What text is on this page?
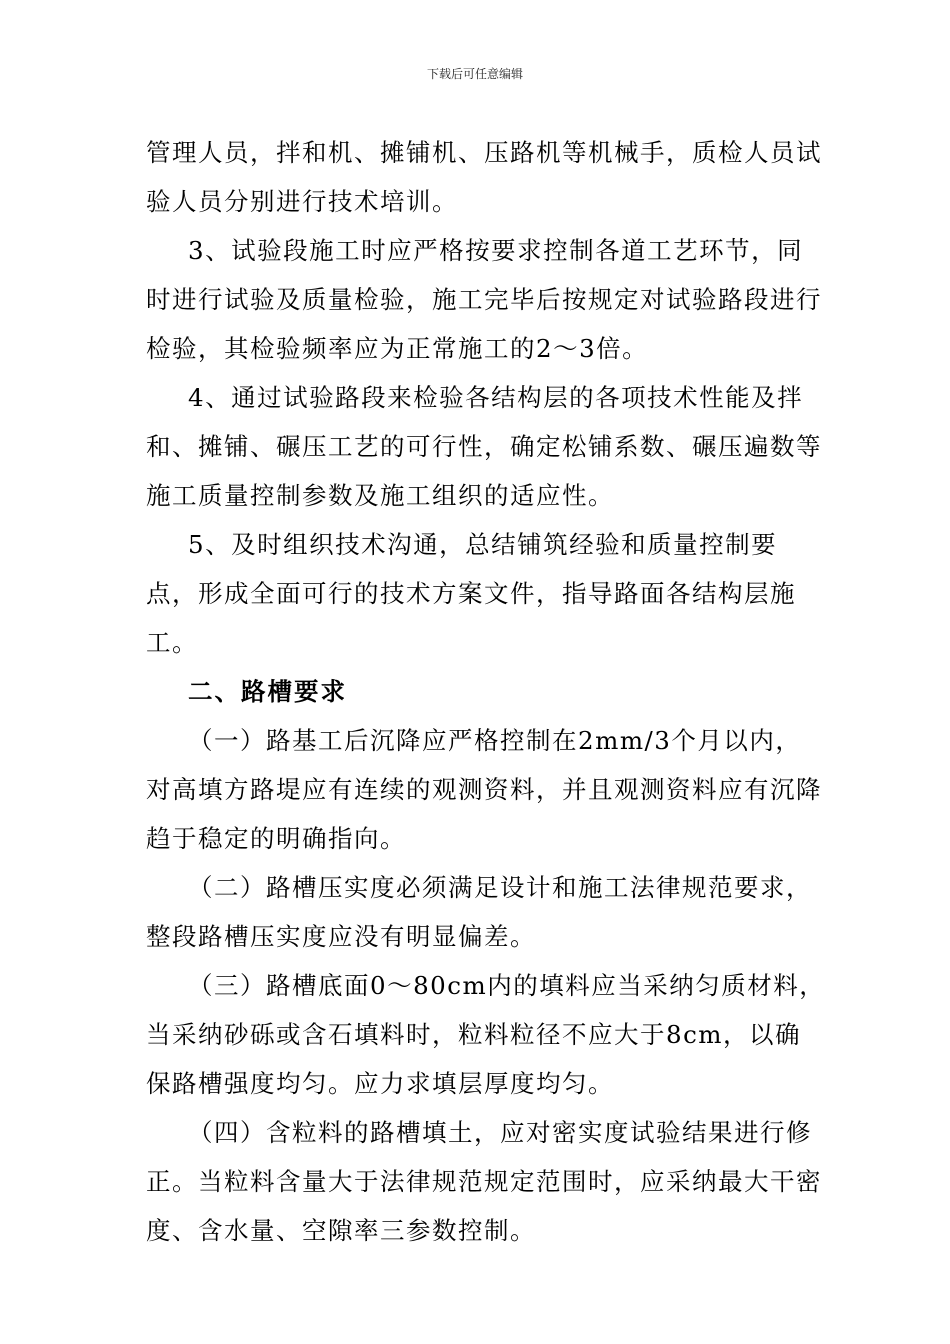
下载后可任意编辑

管理人员，拌和机、摊铺机、压路机等机械手，质检人员试验人员分别进行技术培训。

3、试验段施工时应严格按要求控制各道工艺环节，同时进行试验及质量检验，施工完毕后按规定对试验路段进行检验，其检验频率应为正常施工的2～3倍。

4、通过试验路段来检验各结构层的各项技术性能及拌和、摊铺、碾压工艺的可行性，确定松铺系数、碾压遍数等施工质量控制参数及施工组织的适应性。

5、及时组织技术沟通，总结铺筑经验和质量控制要点，形成全面可行的技术方案文件，指导路面各结构层施工。

二、路槽要求

（一）路基工后沉降应严格控制在2mm/3个月以内，对高填方路堤应有连续的观测资料，并且观测资料应有沉降趋于稳定的明确指向。

（二）路槽压实度必须满足设计和施工法律规范要求，整段路槽压实度应没有明显偏差。

（三）路槽底面0～80cm内的填料应当采纳匀质材料，当采纳砂砾或含石填料时，粒料粒径不应大于8cm，以确保路槽强度均匀。应力求填层厚度均匀。

（四）含粒料的路槽填土，应对密实度试验结果进行修正。当粒料含量大于法律规范规定范围时，应采纳最大干密度、含水量、空隙率三参数控制。
